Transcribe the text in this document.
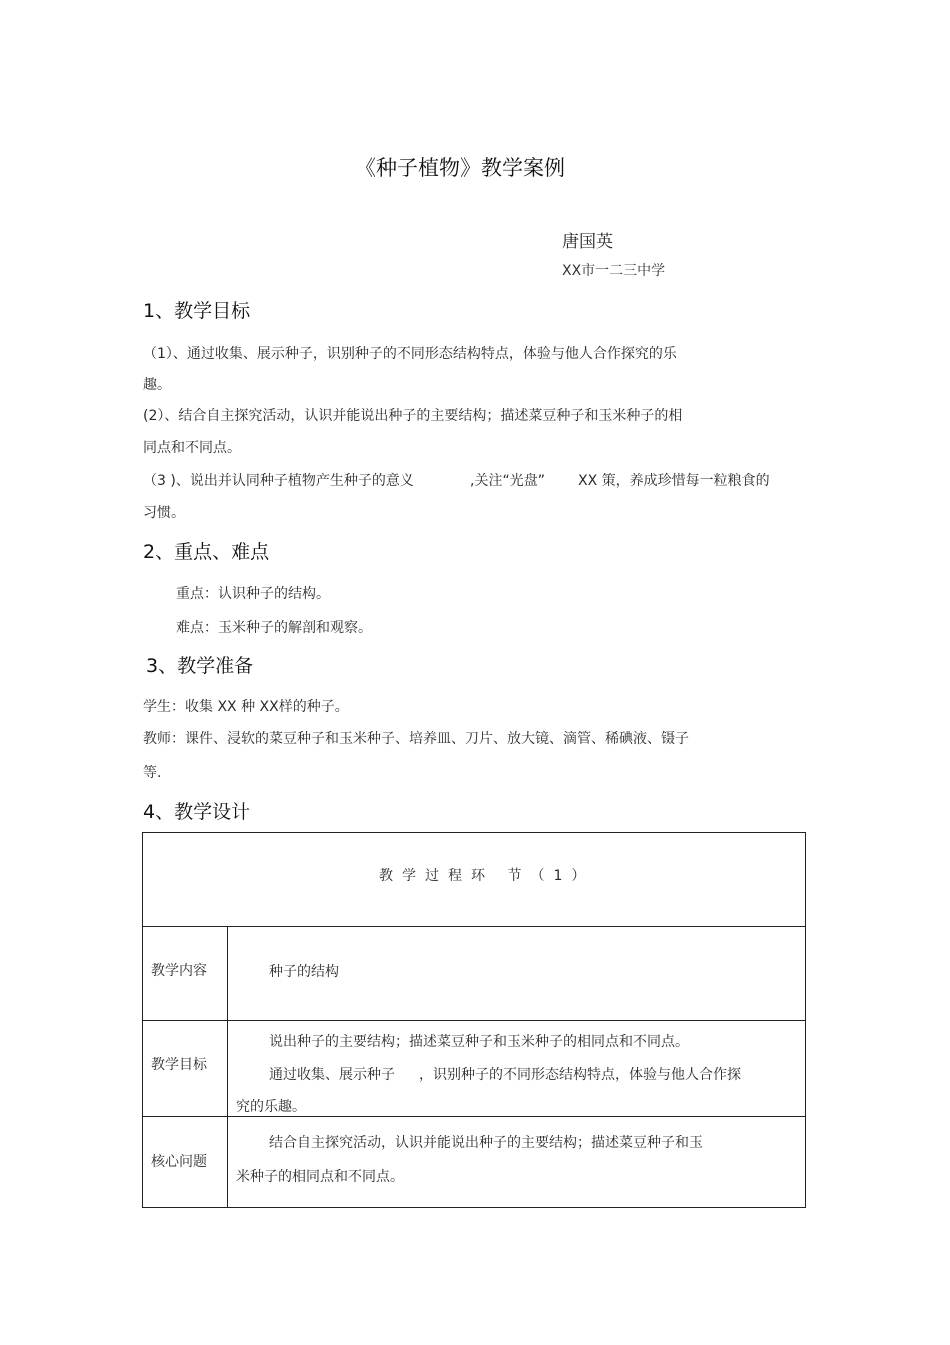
《种子植物》教学案例
唐国英
XX市一二三中学
1、教学目标
（1）、通过收集、展示种子，识别种子的不同形态结构特点，体验与他人合作探究的乐
趣。
(2）、结合自主探究活动，认识并能说出种子的主要结构；描述菜豆种子和玉米种子的相
同点和不同点。
（3 )、说出并认同种子植物产生种子的意义	,关注“光盘” XX 策，养成珍惜每一粒粮食的
习惯。
2、重点、难点
重点：认识种子的结构。
难点：玉米种子的解剖和观察。
3、教学准备
学生：收集 XX 种 XX样的种子。
教师：课件、浸软的菜豆种子和玉米种子、培养皿、刀片、放大镜、滴管、稀碘液、镊子
等.
4、教学设计
教学过程环 节（1）
教学内容	种子的结构
教学目标
说出种子的主要结构；描述菜豆种子和玉米种子的相同点和不同点。
通过收集、展示种子 ，识别种子的不同形态结构特点，体验与他人合作探
究的乐趣。
核心问题
结合自主探究活动，认识并能说出种子的主要结构；描述菜豆种子和玉
米种子的相同点和不同点。
